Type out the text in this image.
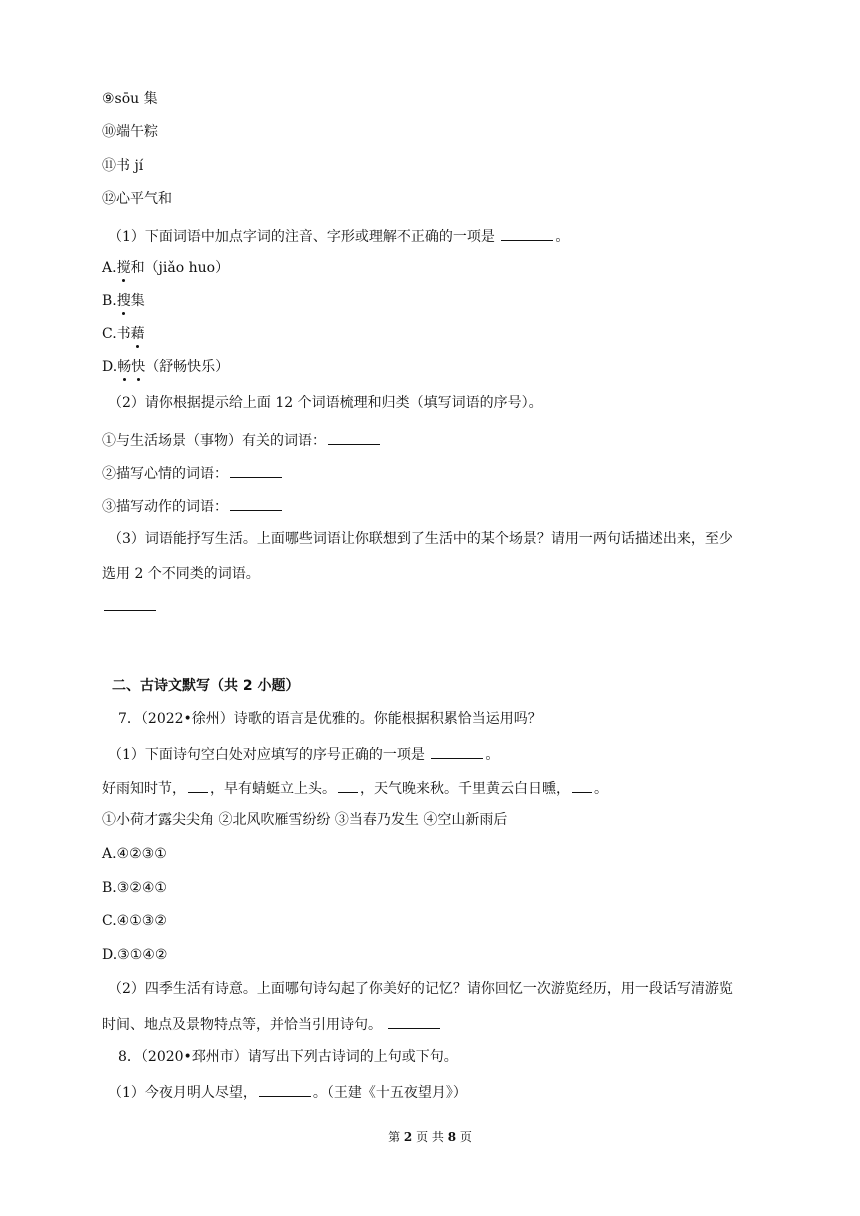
⑨sōu 集
⑩端午粽
⑪书 jí
⑫心平气和
（1）下面词语中加点字词的注音、字形或理解不正确的一项是	。
A.搅和（jiǎo huo）
B.搜集
C.书藉
D.畅快（舒畅快乐）
（2）请你根据提示给上面 12 个词语梳理和归类（填写词语的序号）。
①与生活场景（事物）有关的词语：
②描写心情的词语：
③描写动作的词语：
（3）词语能抒写生活。上面哪些词语让你联想到了生活中的某个场景？请用一两句话描述出来，至少
选用 2 个不同类的词语。
二、古诗文默写（共 2 小题）
7．（2022•徐州）诗歌的语言是优雅的。你能根据积累恰当运用吗？
（1）下面诗句空白处对应填写的序号正确的一项是	。
好雨知时节， ，早有蜻蜓立上头。 ，天气晚来秋。千里黄云白日曛， 。
①小荷才露尖尖角 ②北风吹雁雪纷纷 ③当春乃发生 ④空山新雨后
A.④②③①
B.③②④①
C.④①③②
D.③①④②
（2）四季生活有诗意。上面哪句诗勾起了你美好的记忆？请你回忆一次游览经历，用一段话写清游览
时间、地点及景物特点等，并恰当引用诗句。
8．（2020•邳州市）请写出下列古诗词的上句或下句。
（1）今夜月明人尽望，	。（王建《十五夜望月》）
第 2 页 共 8 页
